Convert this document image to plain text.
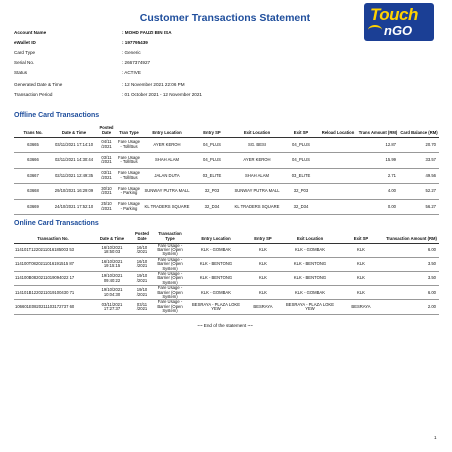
Customer Transactions Statement	Touch
nGO
Account Name	: MOHD FAUZI BIN ISA
eWallet ID	: 197795439
Card Type	: Generic
Serial No.	: 2667374927
Status	: ACTIVE
Generated Date & Time	: 12 November 2021 22:06 PM
Transaction Period	: 01 October 2021 - 12 November 2021
Offline Card Transactions
Trans No.	Date & Time	Posted Date	Tran Type	Entry Location	Entry SP	Exit Location	Exit SP	Reload Location	Trans Amount (RM)	Card Balance (RM)
63665	03/11/2021 17:14:10	04/11 /2021	Fare Usage - Toll/Bus	AYER KEROH	04_PLUS	SG. BESI	04_PLUS		12.87	20.70
63666	02/11/2021 14:30:44	03/11 /2021	Fare Usage - Toll/Bus	SHAH ALAM	04_PLUS	AYER KEROH	04_PLUS		15.99	33.57
63667	02/11/2021 12:49:35	03/11 /2021	Fare Usage - Toll/Bus	JALAN DUTA	03_ELITE	SHAH ALAM	03_ELITE		2.71	49.56
63668	29/10/2021 16:29:09	30/10 /2021	Fare Usage - Parking	SUNWAY PUTRA MALL	32_P03	SUNWAY PUTRA MALL	32_P03		4.00	52.27
63669	24/10/2021 17:52:10	25/10 /2021	Fare Usage - Parking	KL TRADERS SQUARE	32_D34	KL TRADERS SQUARE	32_D34		0.00	56.27
Online Card Transactions
Transaction No.	Date & Time	Posted Date	Transaction Type	Entry Location	Entry SP	Exit Location	Exit SP	Transaction Amount (RM)
114101T1220211016185003 53	16/10/2021 18:50:03	16/10 /2021	Fare Usage - Barrier (Open System)	KLK - GOMBAK	KLK	KLK - GOMBAK	KLK	6.00
114100T0820211016191515 87	16/10/2021 19:15:15	16/10 /2021	Fare Usage - Barrier (Open System)	KLK - BENTONG	KLK	KLK - BENTONG	KLK	3.50
114100B0820211019094022 17	19/10/2021 09:40:22	19/10 /2021	Fare Usage - Barrier (Open System)	KLK - BENTONG	KLK	KLK - BENTONG	KLK	3.50
114101B1220211019100430 71	19/10/2021 10:04:30	19/10 /2021	Fare Usage - Barrier (Open System)	KLK - GOMBAK	KLK	KLK - GOMBAK	KLK	6.00
106601E0820211103172737 60	03/11/2021 17:27:37	03/11 /2021	Fare Usage - Barrier (Open System)	BESRAYA - PLAZA LOKE YEW	BESRAYA	BESRAYA - PLAZA LOKE YEW	BESRAYA	2.00
~~ End of the statement ~~
1
